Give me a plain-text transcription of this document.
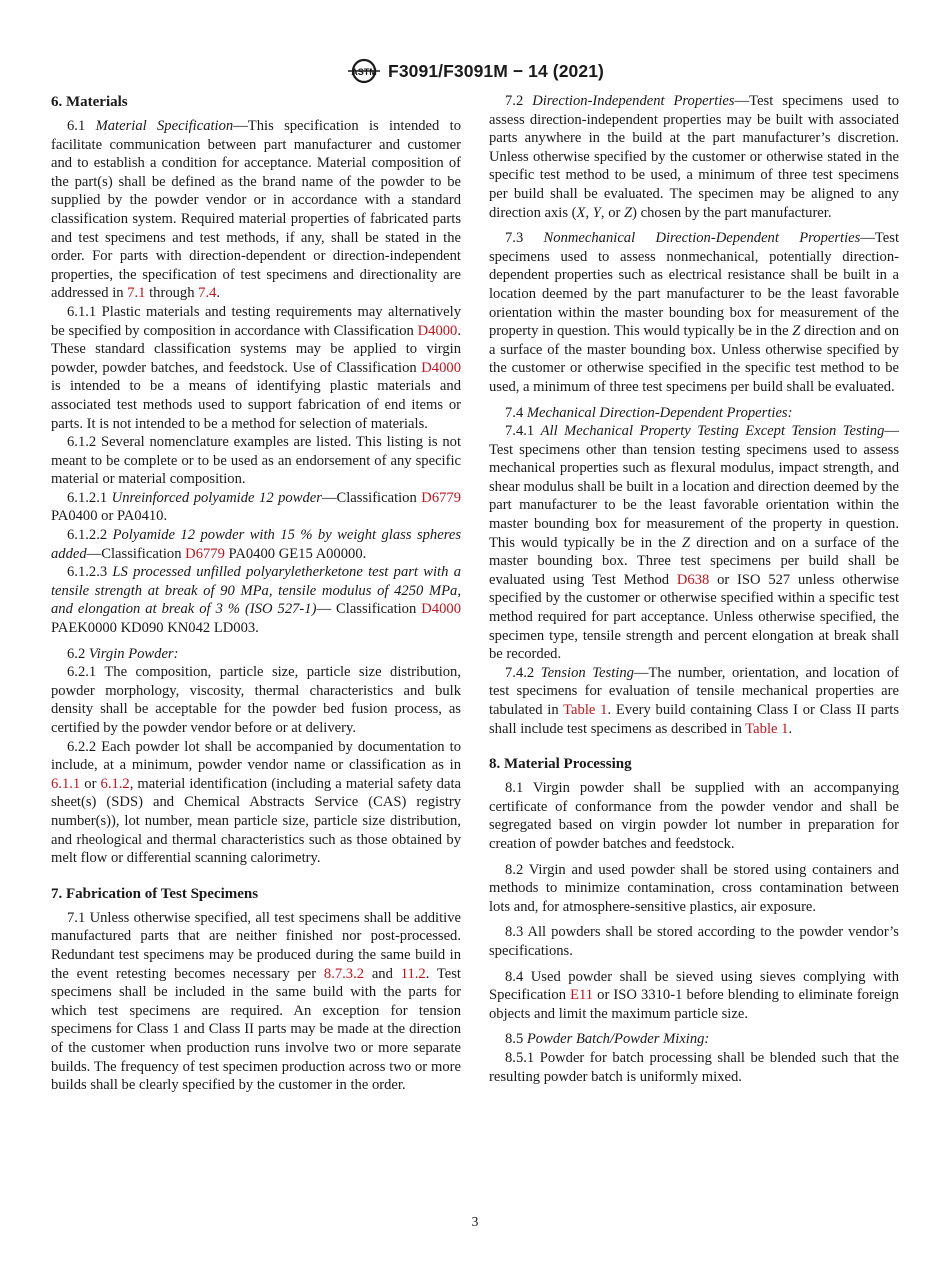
ASTM F3091/F3091M − 14 (2021)
6. Materials

6.1 Material Specification—This specification is intended to facilitate communication between part manufacturer and customer and to establish a condition for acceptance. Material composition of the part(s) shall be defined as the brand name of the powder to be supplied by the powder vendor or in accordance with a standard classification system. Required material properties of fabricated parts and test specimens and test methods, if any, shall be stated in the order. For parts with direction-dependent or direction-independent properties, the specification of test specimens and directionality are addressed in 7.1 through 7.4.

6.1.1 Plastic materials and testing requirements may alternatively be specified by composition in accordance with Classification D4000. These standard classification systems may be applied to virgin powder, powder batches, and feedstock. Use of Classification D4000 is intended to be a means of identifying plastic materials and associated test methods used to support fabrication of end items or parts. It is not intended to be a method for selection of materials.

6.1.2 Several nomenclature examples are listed. This listing is not meant to be complete or to be used as an endorsement of any specific material or material composition.

6.1.2.1 Unreinforced polyamide 12 powder—Classification D6779 PA0400 or PA0410.

6.1.2.2 Polyamide 12 powder with 15 % by weight glass spheres added—Classification D6779 PA0400 GE15 A00000.

6.1.2.3 LS processed unfilled polyaryletherketone test part with a tensile strength at break of 90 MPa, tensile modulus of 4250 MPa, and elongation at break of 3 % (ISO 527-1)— Classification D4000 PAEK0000 KD090 KN042 LD003.

6.2 Virgin Powder:

6.2.1 The composition, particle size, particle size distribution, powder morphology, viscosity, thermal characteristics and bulk density shall be acceptable for the powder bed fusion process, as certified by the powder vendor before or at delivery.

6.2.2 Each powder lot shall be accompanied by documentation to include, at a minimum, powder vendor name or classification as in 6.1.1 or 6.1.2, material identification (including a material safety data sheet(s) (SDS) and Chemical Abstracts Service (CAS) registry number(s)), lot number, mean particle size, particle size distribution, and rheological and thermal characteristics such as those obtained by melt flow or differential scanning calorimetry.

7. Fabrication of Test Specimens

7.1 Unless otherwise specified, all test specimens shall be additive manufactured parts that are neither finished nor post-processed. Redundant test specimens may be produced during the same build in the event retesting becomes necessary per 8.7.3.2 and 11.2. Test specimens shall be included in the same build with the parts for which test specimens are required. An exception for tension specimens for Class 1 and Class II parts may be made at the direction of the customer when production runs involve two or more separate builds. The frequency of test specimen production across two or more builds shall be clearly specified by the customer in the order.

7.2 Direction-Independent Properties—Test specimens used to assess direction-independent properties may be built with associated parts anywhere in the build at the part manufacturer’s discretion. Unless otherwise specified by the customer or otherwise stated in the specific test method to be used, a minimum of three test specimens per build shall be evaluated. The specimen may be aligned to any direction axis (X, Y, or Z) chosen by the part manufacturer.

7.3 Nonmechanical Direction-Dependent Properties—Test specimens used to assess nonmechanical, potentially direction-dependent properties such as electrical resistance shall be built in a location deemed by the part manufacturer to be the least favorable orientation within the master bounding box for measurement of the property in question. This would typically be in the Z direction and on a surface of the master bounding box. Unless otherwise specified by the customer or otherwise specified in the specific test method to be used, a minimum of three test specimens per build shall be evaluated.

7.4 Mechanical Direction-Dependent Properties:

7.4.1 All Mechanical Property Testing Except Tension Testing—Test specimens other than tension testing specimens used to assess mechanical properties such as flexural modulus, impact strength, and shear modulus shall be built in a location and direction deemed by the part manufacturer to be the least favorable orientation within the master bounding box for measurement of the property in question. This would typically be in the Z direction and on a surface of the master bounding box. Three test specimens per build shall be evaluated using Test Method D638 or ISO 527 unless otherwise specified by the customer or otherwise specified within a specific test method required for part acceptance. Unless otherwise specified, the specimen type, tensile strength and percent elongation at break shall be recorded.

7.4.2 Tension Testing—The number, orientation, and location of test specimens for evaluation of tensile mechanical properties are tabulated in Table 1. Every build containing Class I or Class II parts shall include test specimens as described in Table 1.

8. Material Processing

8.1 Virgin powder shall be supplied with an accompanying certificate of conformance from the powder vendor and shall be segregated based on virgin powder lot number in preparation for creation of powder batches and feedstock.

8.2 Virgin and used powder shall be stored using containers and methods to minimize contamination, cross contamination between lots and, for atmosphere-sensitive plastics, air exposure.

8.3 All powders shall be stored according to the powder vendor’s specifications.

8.4 Used powder shall be sieved using sieves complying with Specification E11 or ISO 3310-1 before blending to eliminate foreign objects and limit the maximum particle size.

8.5 Powder Batch/Powder Mixing:

8.5.1 Powder for batch processing shall be blended such that the resulting powder batch is uniformly mixed.

3
